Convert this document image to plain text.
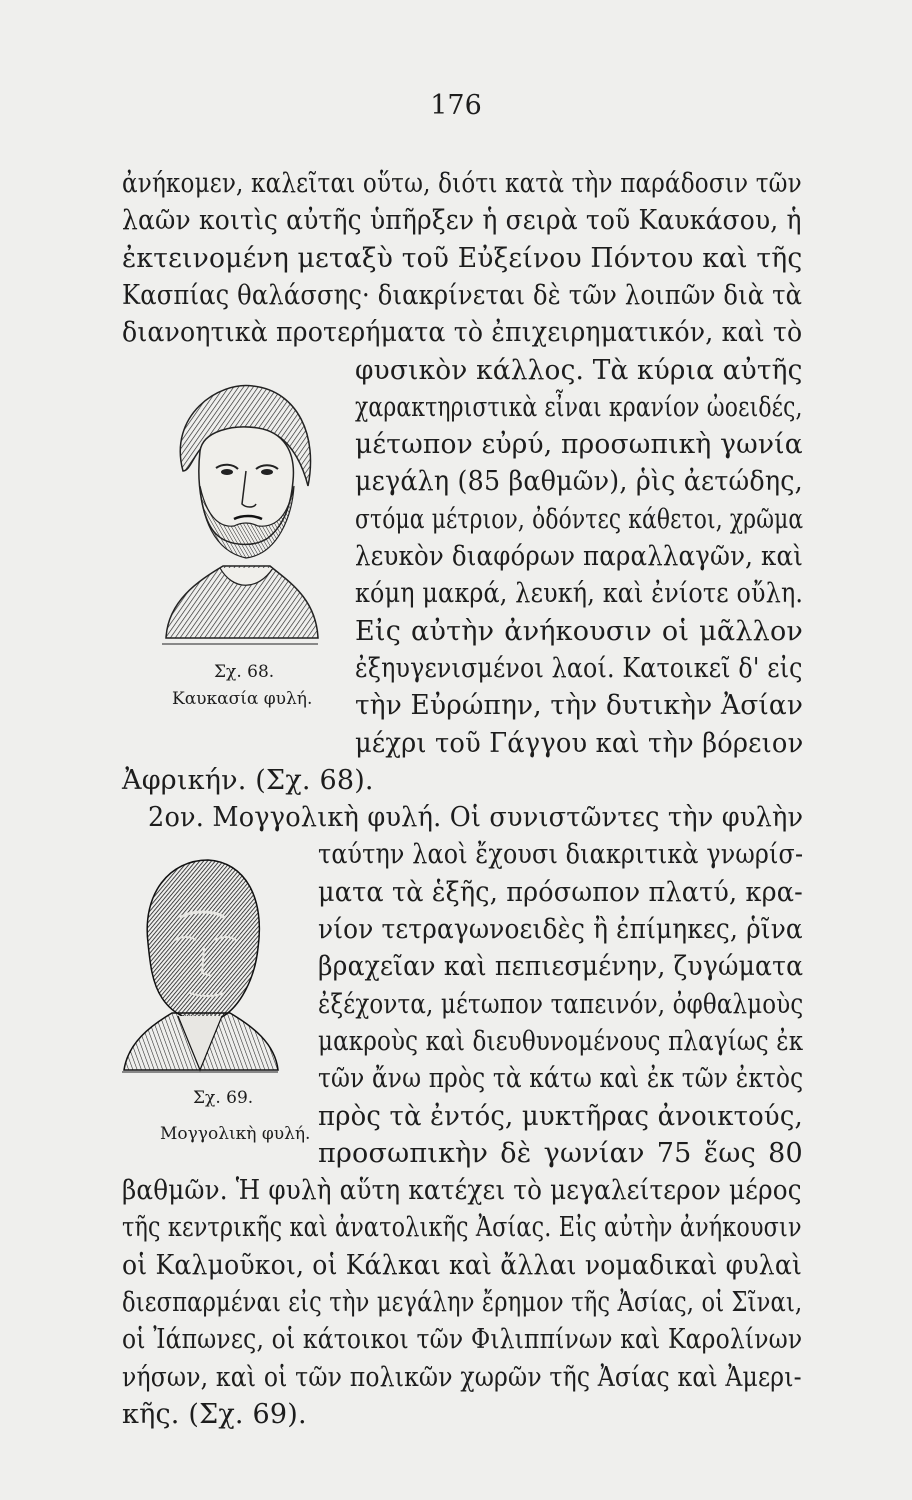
176
ἀνήκομεν, καλεῖται οὕτω, διότι κατὰ τὴν παράδοσιν τῶν
λαῶν κοιτὶς αὐτῆς ὑπῆρξεν ἡ σειρὰ τοῦ Καυκάσου, ἡ
ἐκτεινομένη μεταξὺ τοῦ Εὐξείνου Πόντου καὶ τῆς
Κασπίας θαλάσσης· διακρίνεται δὲ τῶν λοιπῶν διὰ τὰ
διανοητικὰ προτερήματα τὸ ἐπιχειρηματικόν, καὶ τὸ
φυσικὸν κάλλος. Τὰ κύρια αὐτῆς
χαρακτηριστικὰ εἶναι κρανίον ὠοειδές,
μέτωπον εὐρύ, προσωπικὴ γωνία
μεγάλη (85 βαθμῶν), ῥὶς ἀετώδης,
στόμα μέτριον, ὀδόντες κάθετοι, χρῶμα
λευκὸν διαφόρων παραλλαγῶν, καὶ
κόμη μακρά, λευκή, καὶ ἐνίοτε οὔλη.
Εἰς αὐτὴν ἀνήκουσιν οἱ μᾶλλον
ἐξηυγενισμένοι λαοί. Κατοικεῖ δ' εἰς
τὴν Εὐρώπην, τὴν δυτικὴν Ἀσίαν
μέχρι τοῦ Γάγγου καὶ τὴν βόρειον
Ἀφρικήν. (Σχ. 68).
2ον. Μογγολικὴ φυλή. Οἱ συνιστῶντες τὴν φυλὴν
ταύτην λαοὶ ἔχουσι διακριτικὰ γνωρίσ-
ματα τὰ ἑξῆς, πρόσωπον πλατύ, κρα-
νίον τετραγωνοειδὲς ἢ ἐπίμηκες, ῥῖνα
βραχεῖαν καὶ πεπιεσμένην, ζυγώματα
ἐξέχοντα, μέτωπον ταπεινόν, ὀφθαλμοὺς
μακροὺς καὶ διευθυνομένους πλαγίως ἐκ
τῶν ἄνω πρὸς τὰ κάτω καὶ ἐκ τῶν ἐκτὸς
πρὸς τὰ ἐντός, μυκτῆρας ἀνοικτούς,
προσωπικὴν δὲ γωνίαν 75 ἕως 80
βαθμῶν. Ἡ φυλὴ αὕτη κατέχει τὸ μεγαλείτερον μέρος
τῆς κεντρικῆς καὶ ἀνατολικῆς Ἀσίας. Εἰς αὐτὴν ἀνήκουσιν
οἱ Καλμοῦκοι, οἱ Κάλκαι καὶ ἄλλαι νομαδικαὶ φυλαὶ
διεσπαρμέναι εἰς τὴν μεγάλην ἔρημον τῆς Ἀσίας, οἱ Σῖναι,
οἱ Ἰάπωνες, οἱ κάτοικοι τῶν Φιλιππίνων καὶ Καρολίνων
νήσων, καὶ οἱ τῶν πολικῶν χωρῶν τῆς Ἀσίας καὶ Ἀμερι-
κῆς. (Σχ. 69).
Σχ. 68.
Καυκασία φυλή.
Σχ. 69.
Μογγολικὴ φυλή.
